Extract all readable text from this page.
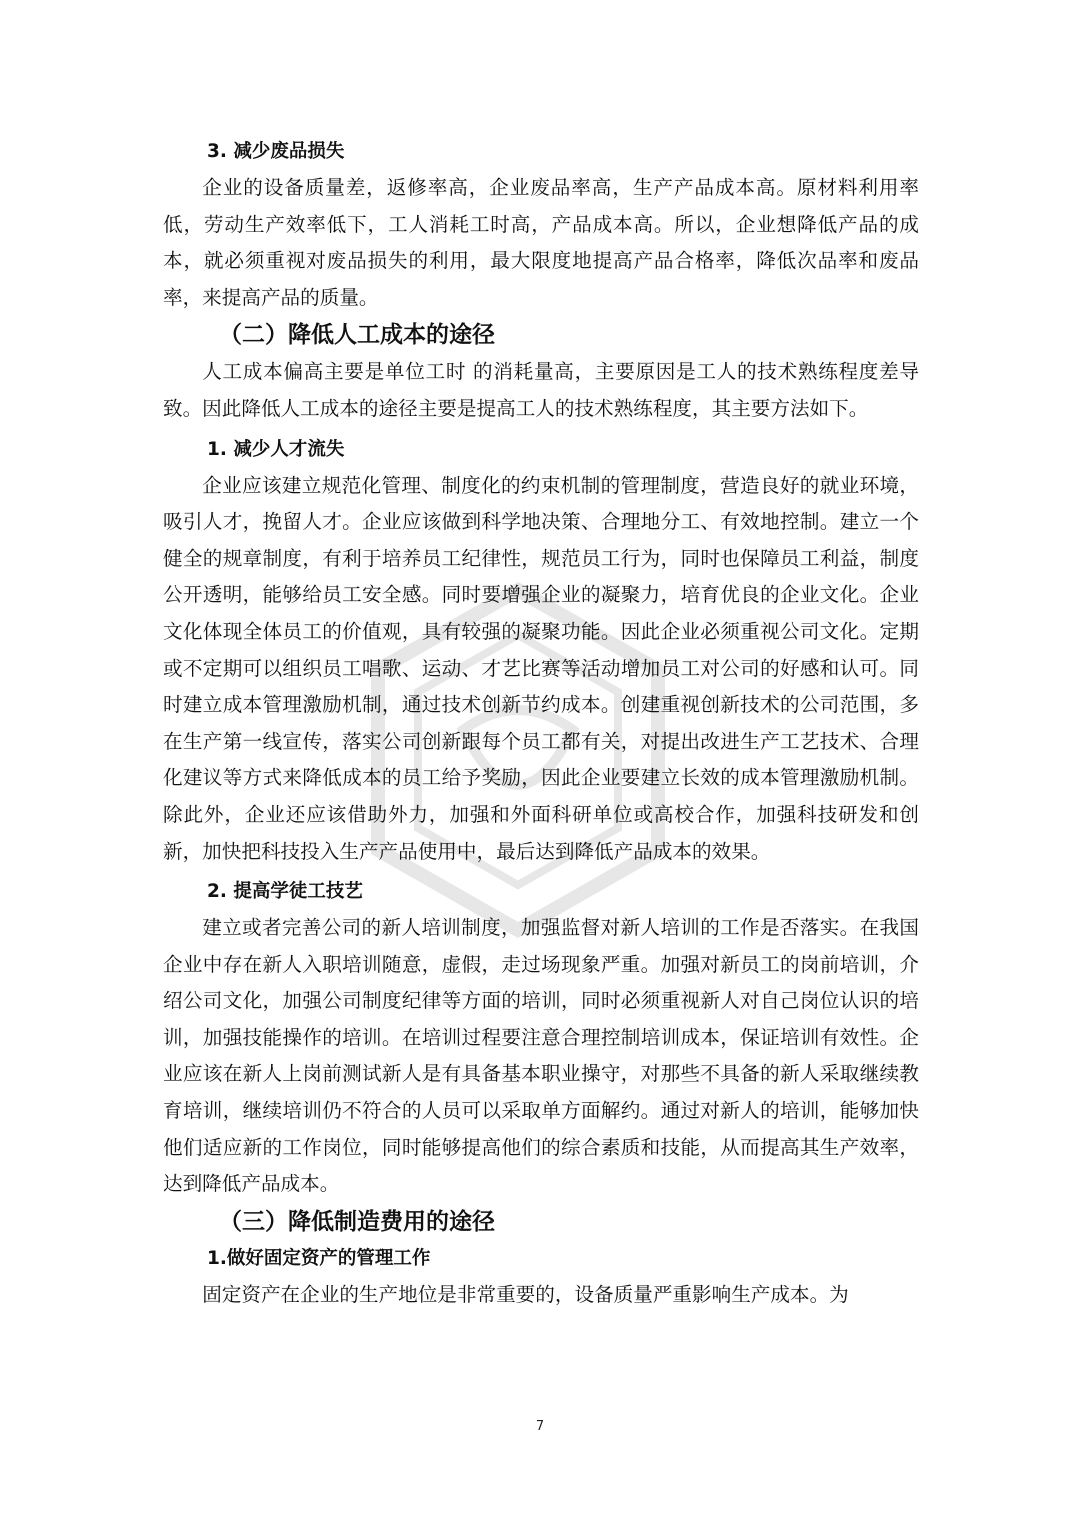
3. 减少废品损失

企业的设备质量差，返修率高，企业废品率高，生产产品成本高。原材料利用率低，劳动生产效率低下，工人消耗工时高，产品成本高。所以，企业想降低产品的成本，就必须重视对废品损失的利用，最大限度地提高产品合格率，降低次品率和废品率，来提高产品的质量。

（二）降低人工成本的途径

人工成本偏高主要是单位工时 的消耗量高，主要原因是工人的技术熟练程度差导致。因此降低人工成本的途径主要是提高工人的技术熟练程度，其主要方法如下。

1. 减少人才流失

企业应该建立规范化管理、制度化的约束机制的管理制度，营造良好的就业环境，吸引人才，挽留人才。企业应该做到科学地决策、合理地分工、有效地控制。建立一个健全的规章制度，有利于培养员工纪律性，规范员工行为，同时也保障员工利益，制度公开透明，能够给员工安全感。同时要增强企业的凝聚力，培育优良的企业文化。企业文化体现全体员工的价值观，具有较强的凝聚功能。因此企业必须重视公司文化。定期或不定期可以组织员工唱歌、运动、才艺比赛等活动增加员工对公司的好感和认可。同时建立成本管理激励机制，通过技术创新节约成本。创建重视创新技术的公司范围，多在生产第一线宣传，落实公司创新跟每个员工都有关，对提出改进生产工艺技术、合理化建议等方式来降低成本的员工给予奖励，因此企业要建立长效的成本管理激励机制。除此外，企业还应该借助外力，加强和外面科研单位或高校合作，加强科技研发和创新，加快把科技投入生产产品使用中，最后达到降低产品成本的效果。

2. 提高学徒工技艺

建立或者完善公司的新人培训制度，加强监督对新人培训的工作是否落实。在我国企业中存在新人入职培训随意，虚假，走过场现象严重。加强对新员工的岗前培训，介绍公司文化，加强公司制度纪律等方面的培训，同时必须重视新人对自己岗位认识的培训，加强技能操作的培训。在培训过程要注意合理控制培训成本，保证培训有效性。企业应该在新人上岗前测试新人是有具备基本职业操守，对那些不具备的新人采取继续教育培训，继续培训仍不符合的人员可以采取单方面解约。通过对新人的培训，能够加快他们适应新的工作岗位，同时能够提高他们的综合素质和技能，从而提高其生产效率，达到降低产品成本。

（三）降低制造费用的途径
1.做好固定资产的管理工作

固定资产在企业的生产地位是非常重要的，设备质量严重影响生产成本。为

7
